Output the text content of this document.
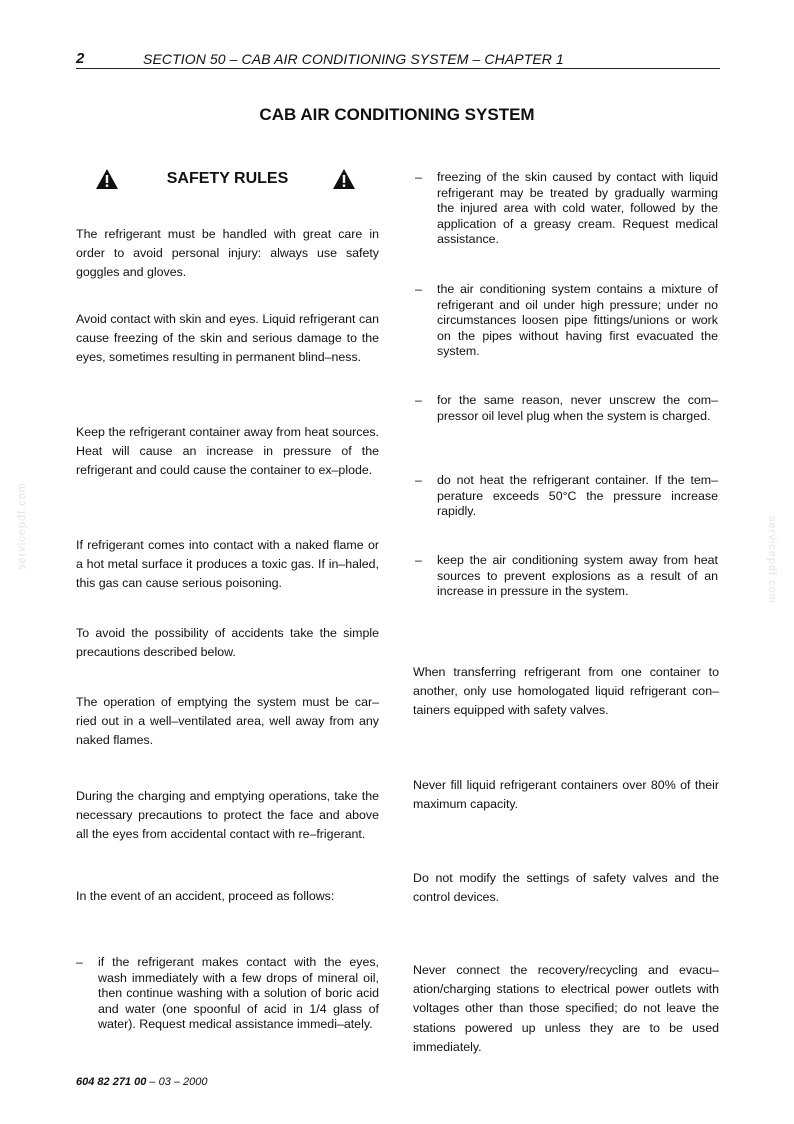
2	SECTION 50 – CAB AIR CONDITIONING SYSTEM – CHAPTER 1
CAB AIR CONDITIONING SYSTEM
SAFETY RULES

The refrigerant must be handled with great care in order to avoid personal injury: always use safety goggles and gloves.

Avoid contact with skin and eyes. Liquid refrigerant can cause freezing of the skin and serious damage to the eyes, sometimes resulting in permanent blind–ness.

Keep the refrigerant container away from heat sources. Heat will cause an increase in pressure of the refrigerant and could cause the container to ex–plode.

If refrigerant comes into contact with a naked flame or a hot metal surface it produces a toxic gas. If in–haled, this gas can cause serious poisoning.

To avoid the possibility of accidents take the simple precautions described below.

The operation of emptying the system must be car–ried out in a well–ventilated area, well away from any naked flames.

During the charging and emptying operations, take the necessary precautions to protect the face and above all the eyes from accidental contact with re–frigerant.

In the event of an accident, proceed as follows:

– if the refrigerant makes contact with the eyes, wash immediately with a few drops of mineral oil, then continue washing with a solution of boric acid and water (one spoonful of acid in 1/4 glass of water). Request medical assistance immedi–ately.
– freezing of the skin caused by contact with liquid refrigerant may be treated by gradually warming the injured area with cold water, followed by the application of a greasy cream. Request medical assistance.
– the air conditioning system contains a mixture of refrigerant and oil under high pressure; under no circumstances loosen pipe fittings/unions or work on the pipes without having first evacuated the system.
– for the same reason, never unscrew the com–pressor oil level plug when the system is charged.
– do not heat the refrigerant container. If the tem–perature exceeds 50°C the pressure increase rapidly.
– keep the air conditioning system away from heat sources to prevent explosions as a result of an increase in pressure in the system.

When transferring refrigerant from one container to another, only use homologated liquid refrigerant con–tainers equipped with safety valves.

Never fill liquid refrigerant containers over 80% of their maximum capacity.

Do not modify the settings of safety valves and the control devices.

Never connect the recovery/recycling and evacu–ation/charging stations to electrical power outlets with voltages other than those specified; do not leave the stations powered up unless they are to be used immediately.

servicepdf.com	servicepdf.com
604 82 271 00 – 03 – 2000
